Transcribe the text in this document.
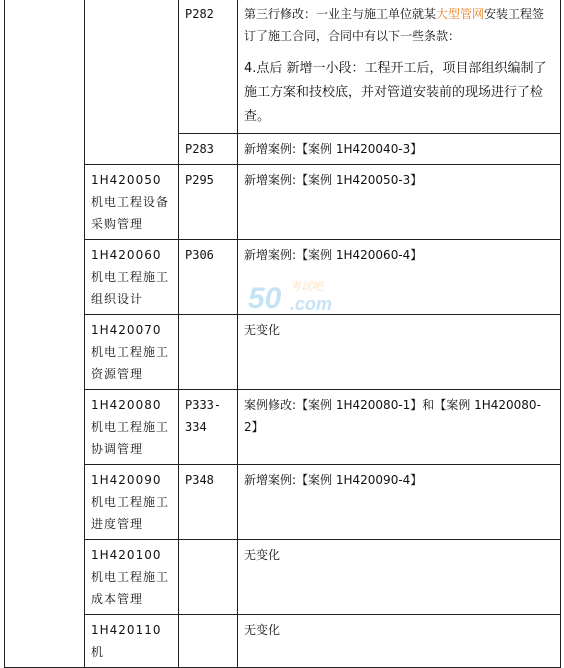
		P282	第三行修改：一业主与施工单位就某大型管网安装工程签订了施工合同，合同中有以下一些条款：
4.点后 新增一小段：工程开工后，项目部组织编制了施工方案和技校底，并对管道安装前的现场进行了检查。

		P283	新增案例:【案例 1H420040-3】
	1H420050 机电工程设备采购管理	P295	新增案例:【案例 1H420050-3】
	1H420060 机电工程施工组织设计	P306	新增案例:【案例 1H420060-4】
	1H420070 机电工程施工资源管理		无变化
	1H420080 机电工程施工协调管理	P333-334	案例修改:【案例 1H420080-1】和【案例 1H420080-2】
	1H420090 机电工程施工进度管理	P348	新增案例:【案例 1H420090-4】
	1H420100 机电工程施工成本管理		无变化
	1H420110 机		无变化
50 考试吧
.com
